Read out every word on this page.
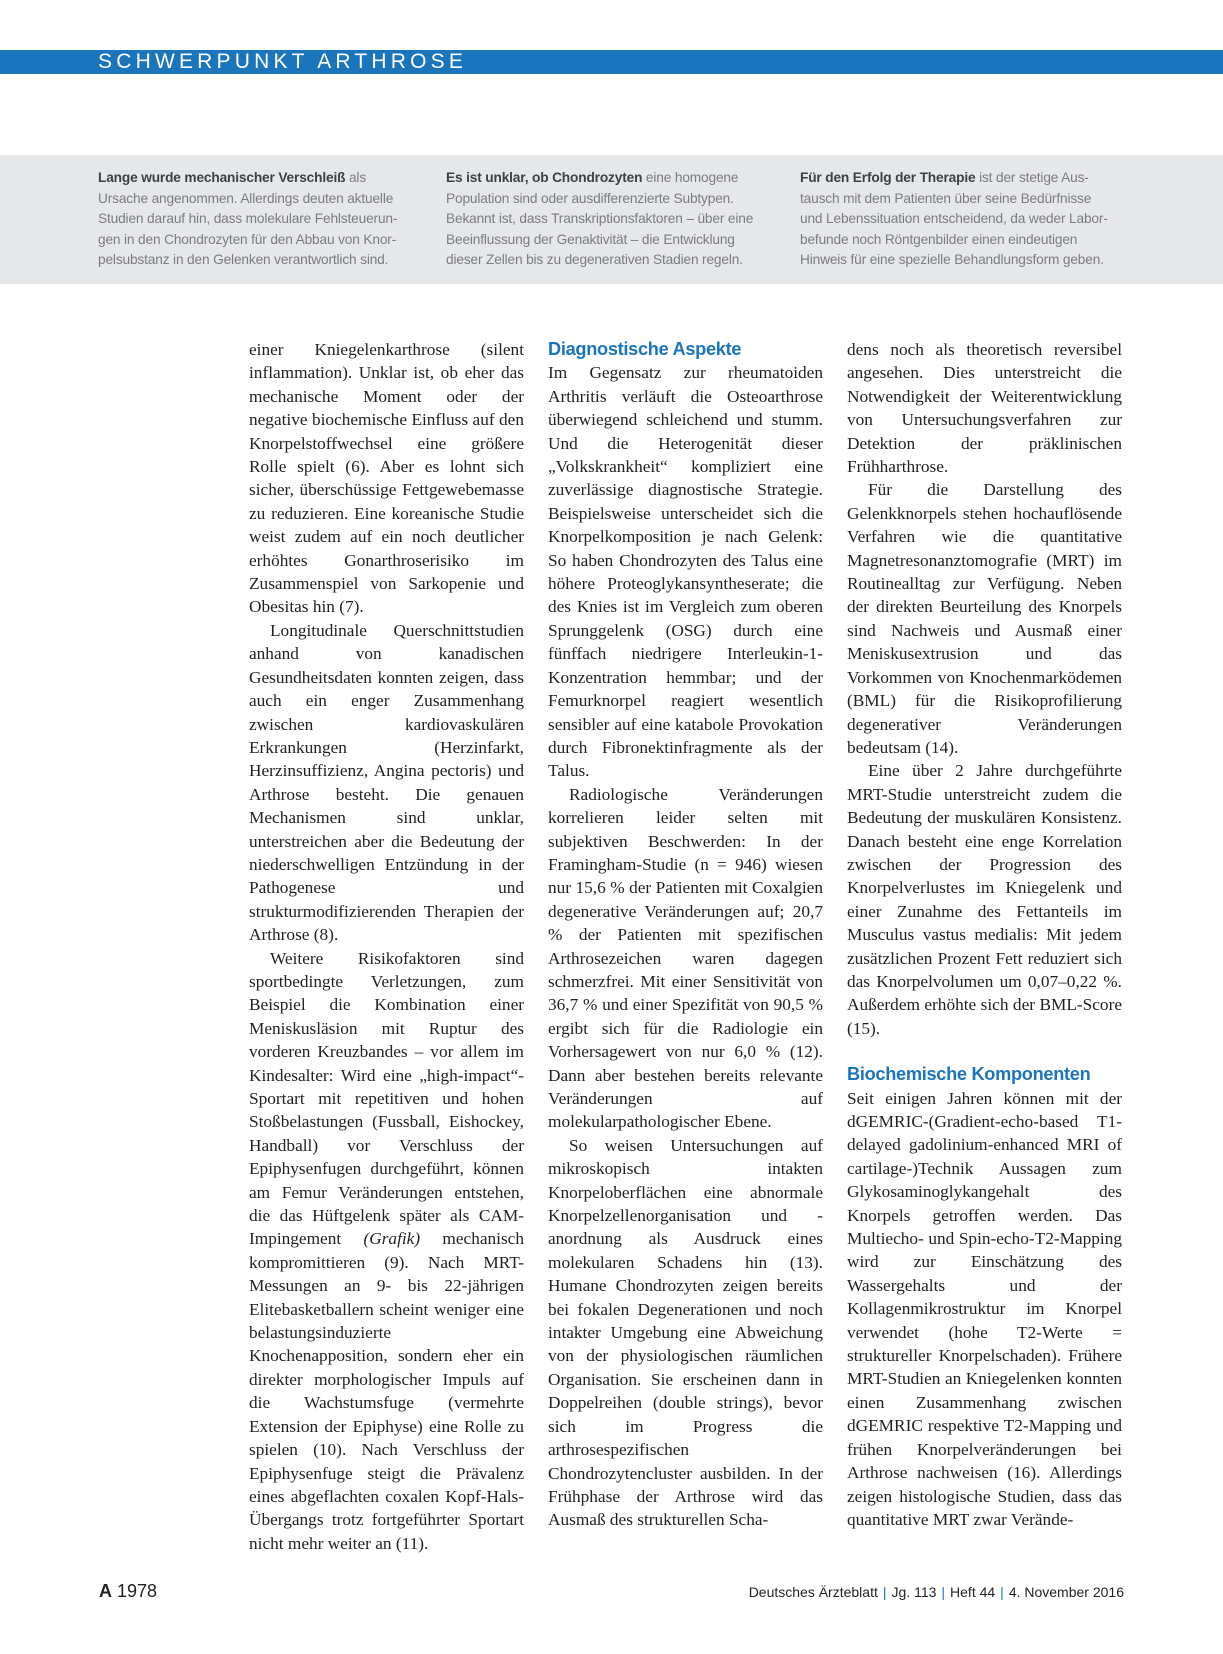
SCHWERPUNKT ARTHROSE
Lange wurde mechanischer Verschleiß als
Ursache angenommen. Allerdings deuten aktuelle
Studien darauf hin, dass molekulare Fehlsteuerun-
gen in den Chondrozyten für den Abbau von Knor-
pelsubstanz in den Gelenken verantwortlich sind.
Es ist unklar, ob Chondrozyten eine homogene
Population sind oder ausdifferenzierte Subtypen.
Bekannt ist, dass Transkriptionsfaktoren – über eine
Beeinflussung der Genaktivität – die Entwicklung
dieser Zellen bis zu degenerativen Stadien regeln.
Für den Erfolg der Therapie ist der stetige Aus-
tausch mit dem Patienten über seine Bedürfnisse
und Lebenssituation entscheidend, da weder Labor-
befunde noch Röntgenbilder einen eindeutigen
Hinweis für eine spezielle Behandlungsform geben.

einer Kniegelenkarthrose (silent inflammation). Unklar ist, ob eher das mechanische Moment oder der negative biochemische Einfluss auf den Knorpelstoffwechsel eine größere Rolle spielt (6). Aber es lohnt sich sicher, überschüssige Fettgewebemasse zu reduzieren. Eine koreanische Studie weist zudem auf ein noch deutlicher erhöhtes Gonarthroserisiko im Zusammenspiel von Sarkopenie und Obesitas hin (7).

Longitudinale Querschnittstudien anhand von kanadischen Gesundheitsdaten konnten zeigen, dass auch ein enger Zusammenhang zwischen kardiovaskulären Erkrankungen (Herzinfarkt, Herzinsuffizienz, Angina pectoris) und Arthrose besteht. Die genauen Mechanismen sind unklar, unterstreichen aber die Bedeutung der niederschwelligen Entzündung in der Pathogenese und strukturmodifizierenden Therapien der Arthrose (8).

Weitere Risikofaktoren sind sportbedingte Verletzungen, zum Beispiel die Kombination einer Meniskusläsion mit Ruptur des vorderen Kreuzbandes – vor allem im Kindesalter: Wird eine „high-impact“-Sportart mit repetitiven und hohen Stoßbelastungen (Fussball, Eishockey, Handball) vor Verschluss der Epiphysenfugen durchgeführt, können am Femur Veränderungen entstehen, die das Hüftgelenk später als CAM-Impingement (Grafik) mechanisch kompromittieren (9). Nach MRT-Messungen an 9- bis 22-jährigen Elitebasketballern scheint weniger eine belastungsinduzierte Knochenapposition, sondern eher ein direkter morphologischer Impuls auf die Wachstumsfuge (vermehrte Extension der Epiphyse) eine Rolle zu spielen (10). Nach Verschluss der Epiphysenfuge steigt die Prävalenz eines abgeflachten coxalen Kopf-Hals-Übergangs trotz fortgeführter Sportart nicht mehr weiter an (11).

Diagnostische Aspekte

Im Gegensatz zur rheumatoiden Arthritis verläuft die Osteoarthrose überwiegend schleichend und stumm. Und die Heterogenität dieser „Volkskrankheit“ kompliziert eine zuverlässige diagnostische Strategie. Beispielsweise unterscheidet sich die Knorpelkomposition je nach Gelenk: So haben Chondrozyten des Talus eine höhere Proteoglykansyntheserate; die des Knies ist im Vergleich zum oberen Sprunggelenk (OSG) durch eine fünffach niedrigere Interleukin-1-Konzentration hemmbar; und der Femurknorpel reagiert wesentlich sensibler auf eine katabole Provokation durch Fibronektinfragmente als der Talus.

Radiologische Veränderungen korrelieren leider selten mit subjektiven Beschwerden: In der Framingham-Studie (n = 946) wiesen nur 15,6 % der Patienten mit Coxalgien degenerative Veränderungen auf; 20,7 % der Patienten mit spezifischen Arthrosezeichen waren dagegen schmerzfrei. Mit einer Sensitivität von 36,7 % und einer Spezifität von 90,5 % ergibt sich für die Radiologie ein Vorhersagewert von nur 6,0 % (12). Dann aber bestehen bereits relevante Veränderungen auf molekularpathologischer Ebene.

So weisen Untersuchungen auf mikroskopisch intakten Knorpeloberflächen eine abnormale Knorpelzellenorganisation und -anordnung als Ausdruck eines molekularen Schadens hin (13). Humane Chondrozyten zeigen bereits bei fokalen Degenerationen und noch intakter Umgebung eine Abweichung von der physiologischen räumlichen Organisation. Sie erscheinen dann in Doppelreihen (double strings), bevor sich im Progress die arthrosespezifischen Chondrozytencluster ausbilden. In der Frühphase der Arthrose wird das Ausmaß des strukturellen Scha-

dens noch als theoretisch reversibel angesehen. Dies unterstreicht die Notwendigkeit der Weiterentwicklung von Untersuchungsverfahren zur Detektion der präklinischen Frühharthrose.

Für die Darstellung des Gelenkknorpels stehen hochauflösende Verfahren wie die quantitative Magnetresonanztomografie (MRT) im Routinealltag zur Verfügung. Neben der direkten Beurteilung des Knorpels sind Nachweis und Ausmaß einer Meniskusextrusion und das Vorkommen von Knochenmarködemen (BML) für die Risikoprofilierung degenerativer Veränderungen bedeutsam (14).

Eine über 2 Jahre durchgeführte MRT-Studie unterstreicht zudem die Bedeutung der muskulären Konsistenz. Danach besteht eine enge Korrelation zwischen der Progression des Knorpelverlustes im Kniegelenk und einer Zunahme des Fettanteils im Musculus vastus medialis: Mit jedem zusätzlichen Prozent Fett reduziert sich das Knorpelvolumen um 0,07–0,22 %. Außerdem erhöhte sich der BML-Score (15).

Biochemische Komponenten

Seit einigen Jahren können mit der dGEMRIC-(Gradient-echo-based T1-delayed gadolinium-enhanced MRI of cartilage-)Technik Aussagen zum Glykosaminoglykangehalt des Knorpels getroffen werden. Das Multiecho- und Spin-echo-T2-Mapping wird zur Einschätzung des Wassergehalts und der Kollagenmikrostruktur im Knorpel verwendet (hohe T2-Werte = struktureller Knorpelschaden). Frühere MRT-Studien an Kniegelenken konnten einen Zusammenhang zwischen dGEMRIC respektive T2-Mapping und frühen Knorpelveränderungen bei Arthrose nachweisen (16). Allerdings zeigen histologische Studien, dass das quantitative MRT zwar Verände-

A 1978	Deutsches Ärzteblatt | Jg. 113 | Heft 44 | 4. November 2016
